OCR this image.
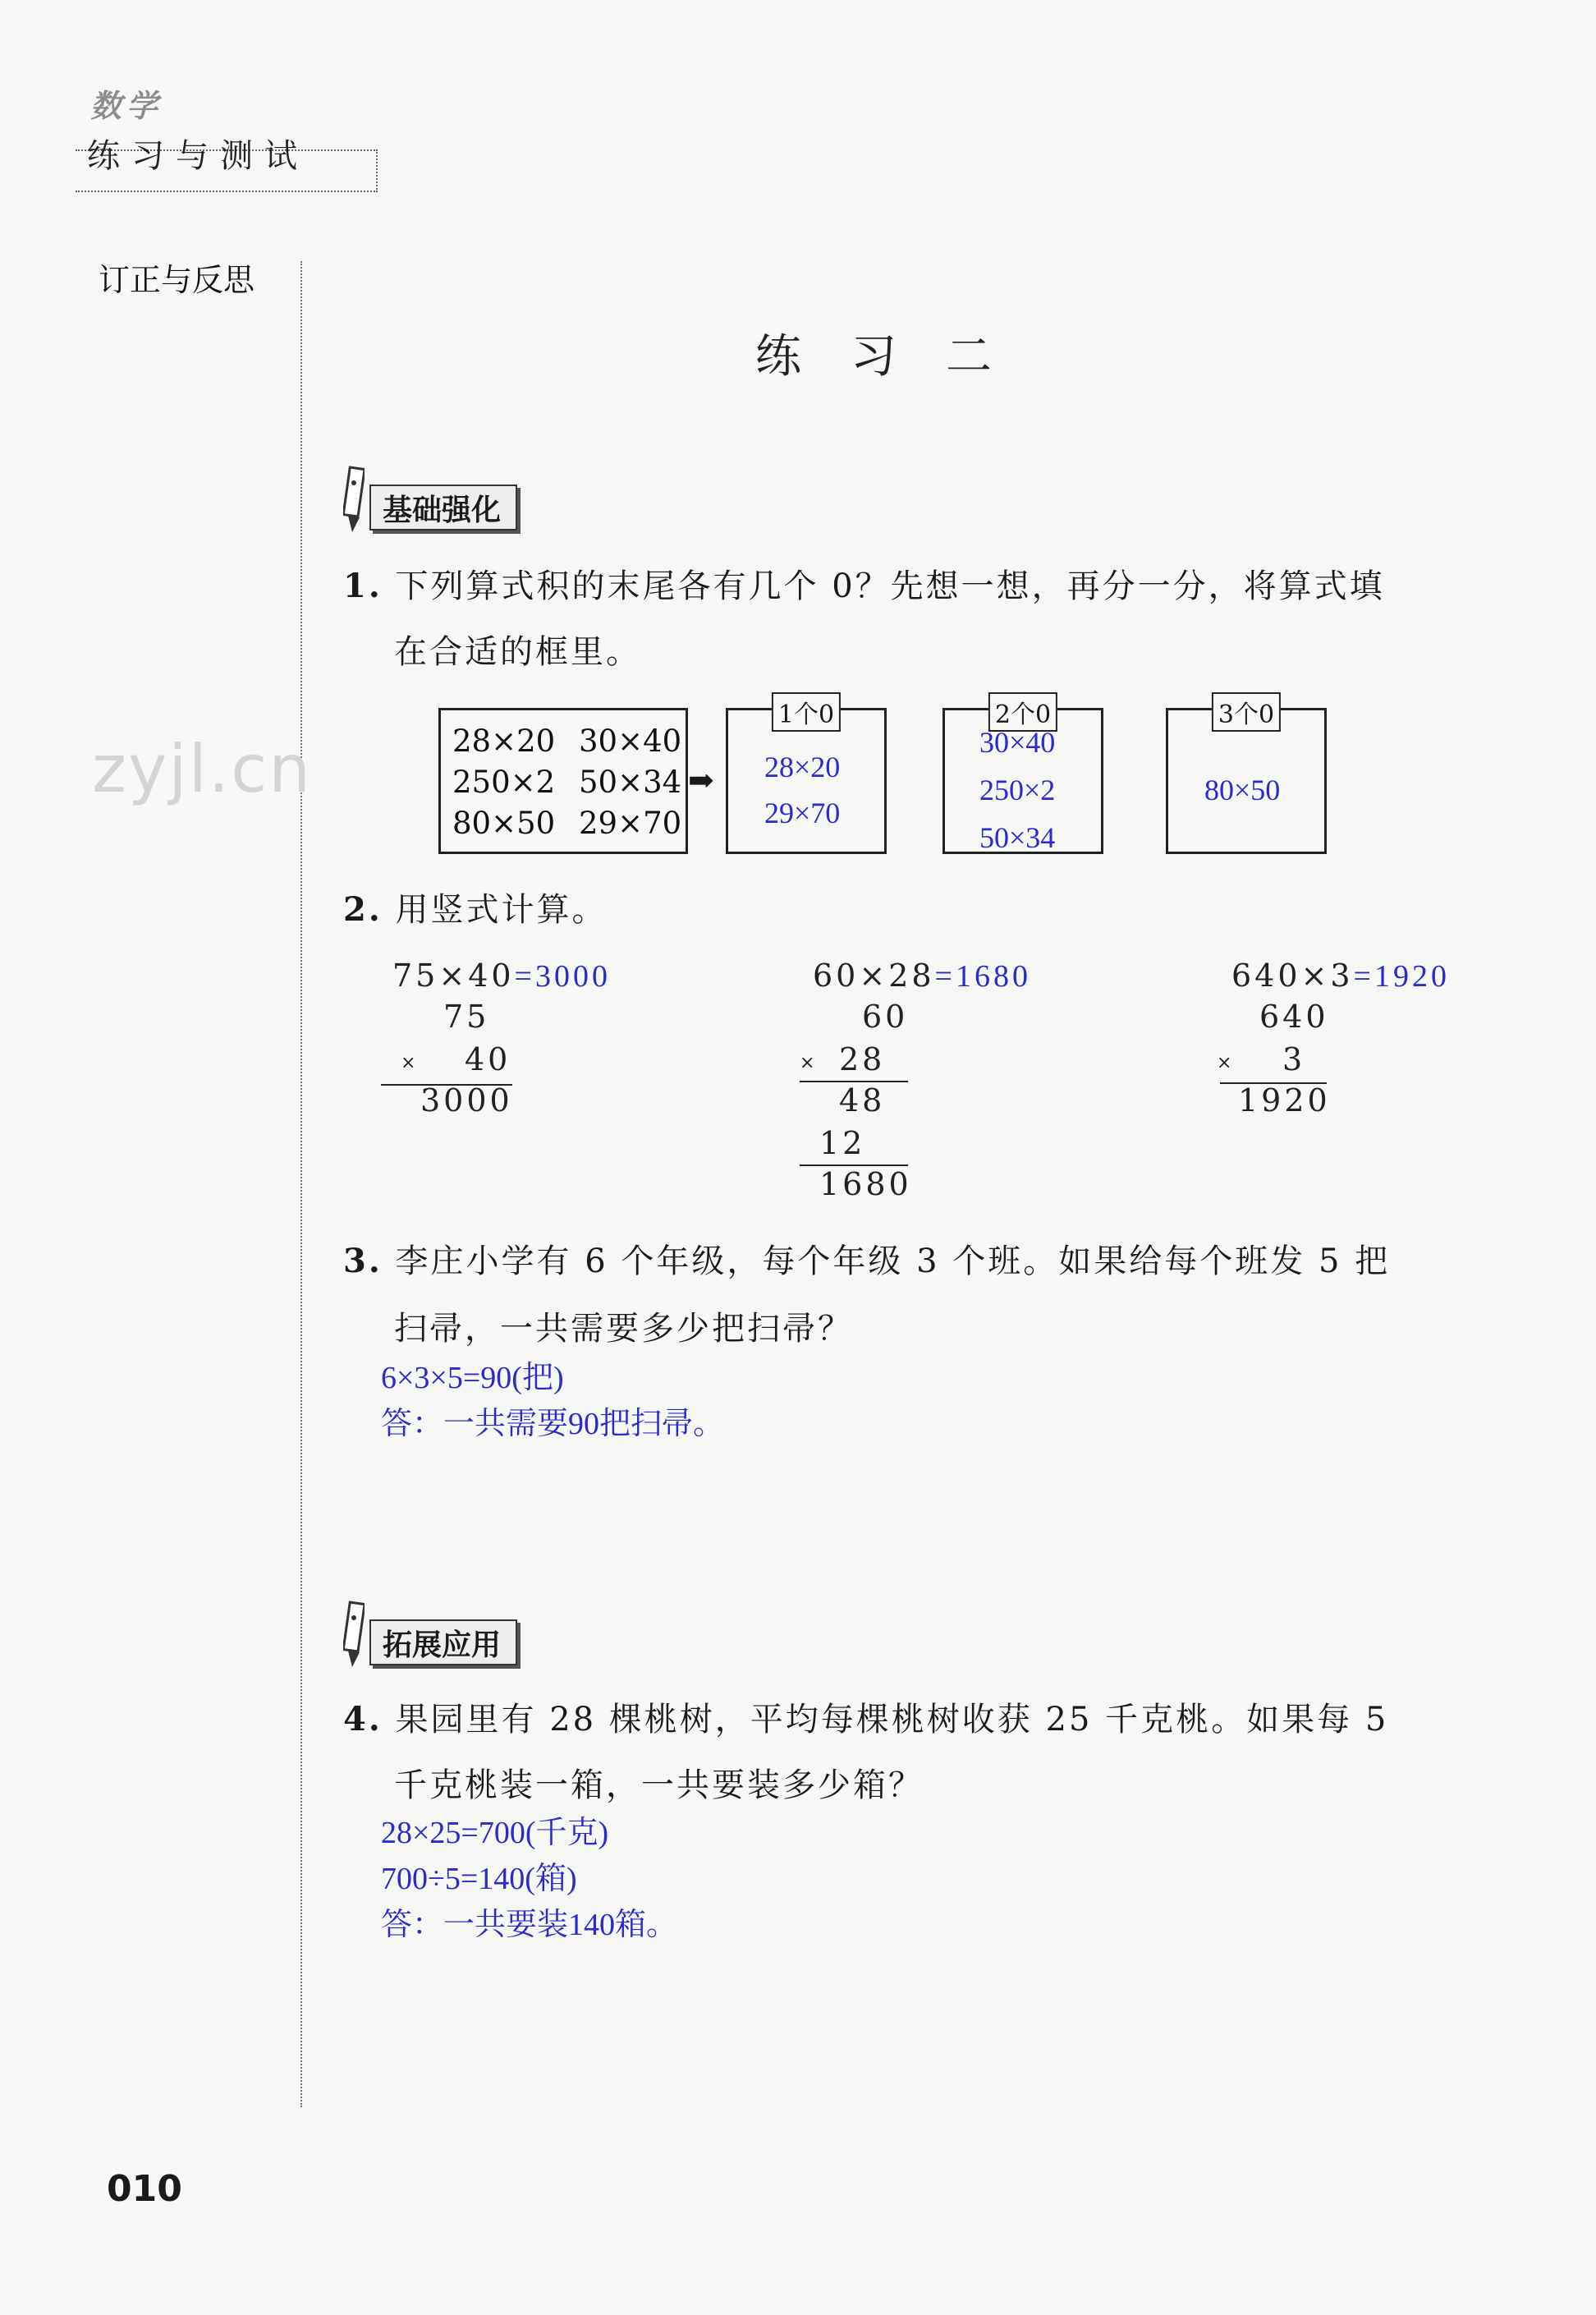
数学
练习与测试
订正与反思
zyjl.cn
练习二
基础强化
1. 下列算式积的末尾各有几个 0？先想一想，再分一分，将算式填
在合适的框里。
28×20 30×40
250×2 50×34
80×50 29×70
➡
1个0
28×20
29×70
2个0
30×40
250×2
50×34
3个0
80×50
2. 用竖式计算。
75×40=3000
75
× 40
3000
60×28=1680
60
× 28
48
12
1680
640×3=1920
640
× 3
1920
3. 李庄小学有 6 个年级，每个年级 3 个班。如果给每个班发 5 把
扫帚，一共需要多少把扫帚？
6×3×5=90(把)
答：一共需要90把扫帚。
拓展应用
4. 果园里有 28 棵桃树，平均每棵桃树收获 25 千克桃。如果每 5
千克桃装一箱，一共要装多少箱？
28×25=700(千克)
700÷5=140(箱)
答：一共要装140箱。
010
